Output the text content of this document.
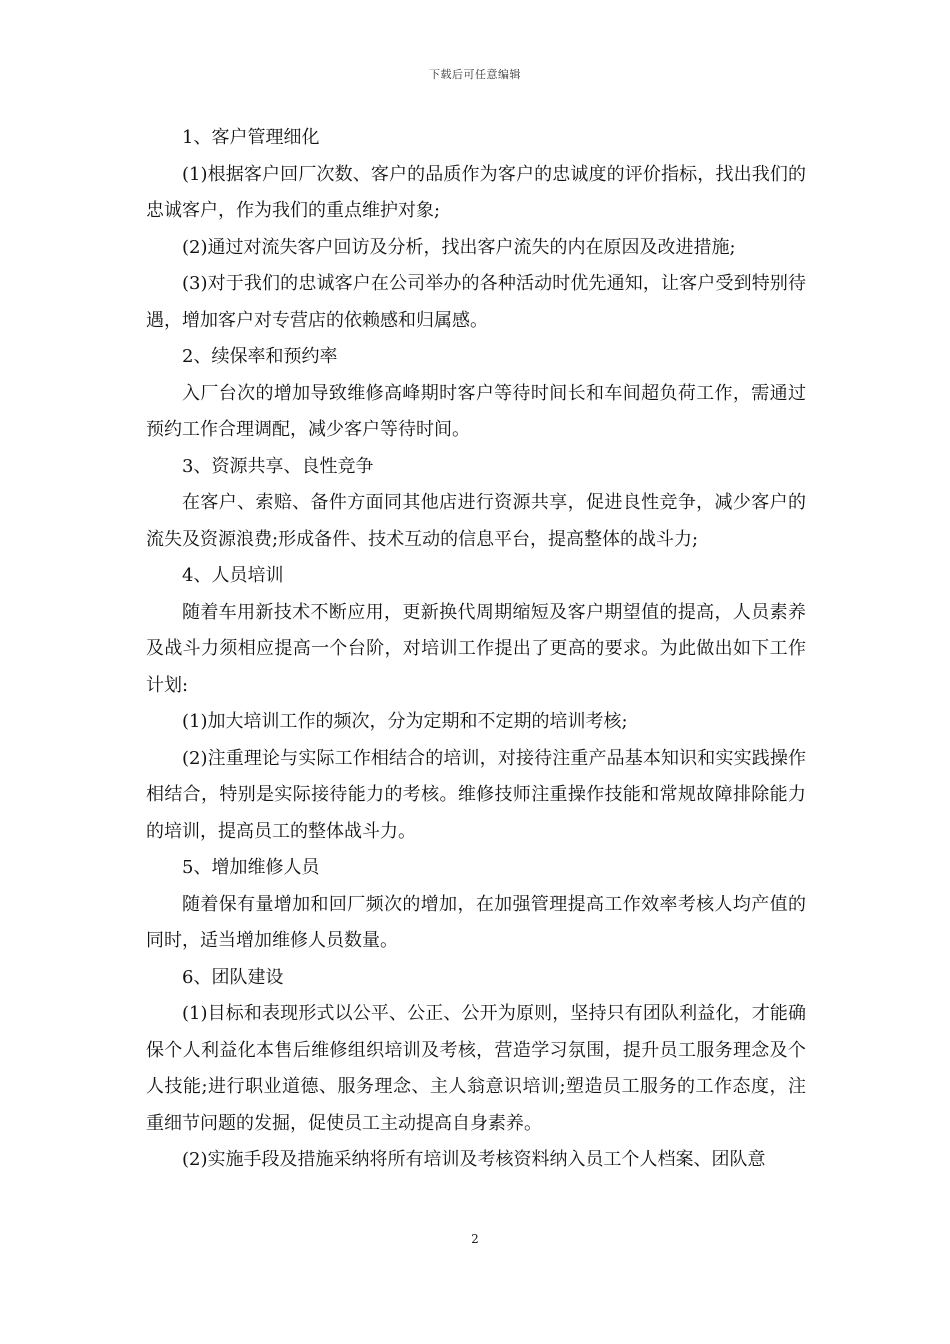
下载后可任意编辑

1、客户管理细化

(1)根据客户回厂次数、客户的品质作为客户的忠诚度的评价指标，找出我们的忠诚客户，作为我们的重点维护对象;

(2)通过对流失客户回访及分析，找出客户流失的内在原因及改进措施;

(3)对于我们的忠诚客户在公司举办的各种活动时优先通知，让客户受到特别待遇，增加客户对专营店的依赖感和归属感。

2、续保率和预约率

入厂台次的增加导致维修高峰期时客户等待时间长和车间超负荷工作，需通过预约工作合理调配，减少客户等待时间。

3、资源共享、良性竞争

在客户、索赔、备件方面同其他店进行资源共享，促进良性竞争，减少客户的流失及资源浪费;形成备件、技术互动的信息平台，提高整体的战斗力;

4、人员培训

随着车用新技术不断应用，更新换代周期缩短及客户期望值的提高，人员素养及战斗力须相应提高一个台阶，对培训工作提出了更高的要求。为此做出如下工作计划:

(1)加大培训工作的频次，分为定期和不定期的培训考核;

(2)注重理论与实际工作相结合的培训，对接待注重产品基本知识和实实践操作相结合，特别是实际接待能力的考核。维修技师注重操作技能和常规故障排除能力的培训，提高员工的整体战斗力。

5、增加维修人员

随着保有量增加和回厂频次的增加，在加强管理提高工作效率考核人均产值的同时，适当增加维修人员数量。

6、团队建设

(1)目标和表现形式以公平、公正、公开为原则，坚持只有团队利益化，才能确保个人利益化本售后维修组织培训及考核，营造学习氛围，提升员工服务理念及个人技能;进行职业道德、服务理念、主人翁意识培训;塑造员工服务的工作态度，注重细节问题的发掘，促使员工主动提高自身素养。

(2)实施手段及措施采纳将所有培训及考核资料纳入员工个人档案、团队意

2
